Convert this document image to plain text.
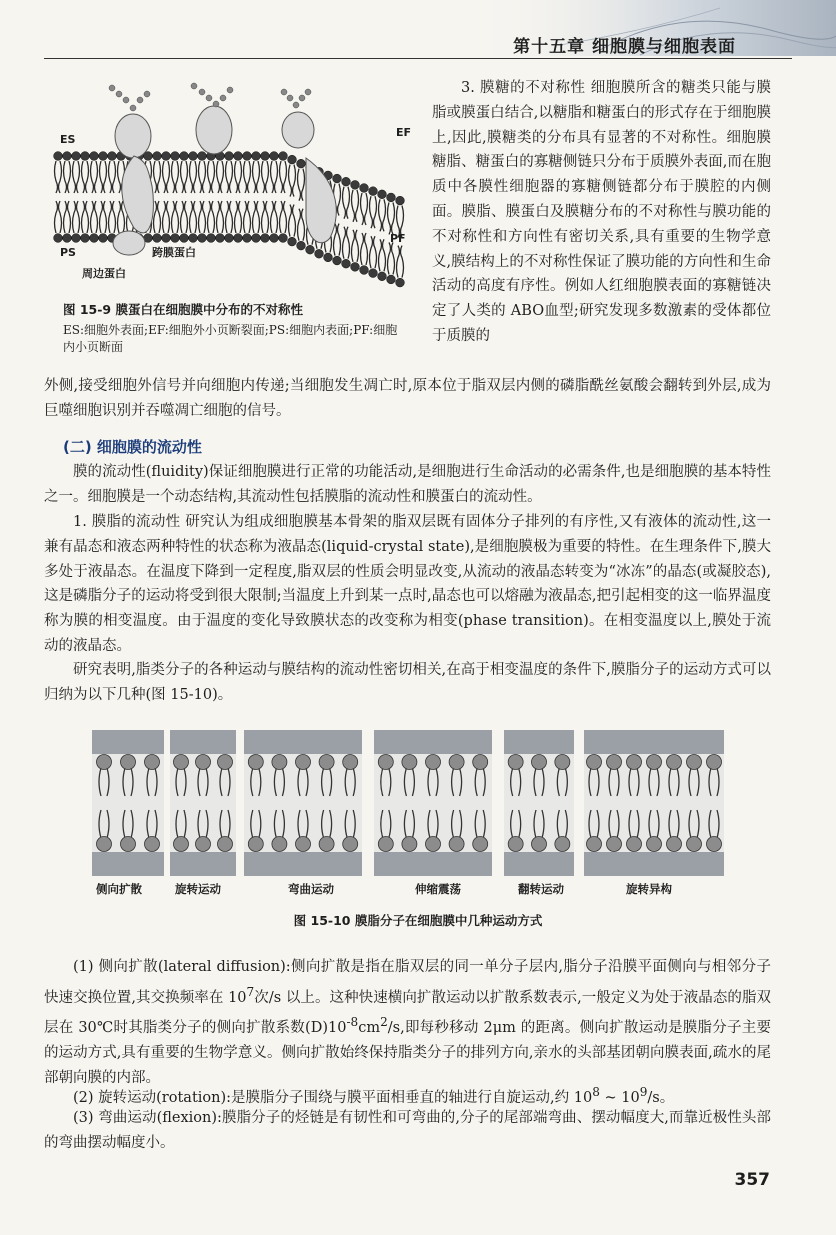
第十五章 细胞膜与细胞表面
ES
EF
PS
PF
跨膜蛋白
周边蛋白
图 15-9 膜蛋白在细胞膜中分布的不对称性
ES:细胞外表面;EF:细胞外小页断裂面;PS:细胞内表面;PF:细胞内小页断面

3. 膜糖的不对称性 细胞膜所含的糖类只能与膜脂或膜蛋白结合,以糖脂和糖蛋白的形式存在于细胞膜上,因此,膜糖类的分布具有显著的不对称性。细胞膜糖脂、糖蛋白的寡糖侧链只分布于质膜外表面,而在胞质中各膜性细胞器的寡糖侧链都分布于膜腔的内侧面。膜脂、膜蛋白及膜糖分布的不对称性与膜功能的不对称性和方向性有密切关系,具有重要的生物学意义,膜结构上的不对称性保证了膜功能的方向性和生命活动的高度有序性。例如人红细胞膜表面的寡糖链决定了人类的 ABO血型;研究发现多数激素的受体都位于质膜的

外侧,接受细胞外信号并向细胞内传递;当细胞发生凋亡时,原本位于脂双层内侧的磷脂酰丝氨酸会翻转到外层,成为巨噬细胞识别并吞噬凋亡细胞的信号。

(二) 细胞膜的流动性

膜的流动性(fluidity)保证细胞膜进行正常的功能活动,是细胞进行生命活动的必需条件,也是细胞膜的基本特性之一。细胞膜是一个动态结构,其流动性包括膜脂的流动性和膜蛋白的流动性。

1. 膜脂的流动性 研究认为组成细胞膜基本骨架的脂双层既有固体分子排列的有序性,又有液体的流动性,这一兼有晶态和液态两种特性的状态称为液晶态(liquid-crystal state),是细胞膜极为重要的特性。在生理条件下,膜大多处于液晶态。在温度下降到一定程度,脂双层的性质会明显改变,从流动的液晶态转变为“冰冻”的晶态(或凝胶态),这是磷脂分子的运动将受到很大限制;当温度上升到某一点时,晶态也可以熔融为液晶态,把引起相变的这一临界温度称为膜的相变温度。由于温度的变化导致膜状态的改变称为相变(phase transition)。在相变温度以上,膜处于流动的液晶态。

研究表明,脂类分子的各种运动与膜结构的流动性密切相关,在高于相变温度的条件下,膜脂分子的运动方式可以归纳为以下几种(图 15-10)。

侧向扩散	旋转运动	弯曲运动	伸缩震荡	翻转运动	旋转异构
图 15-10 膜脂分子在细胞膜中几种运动方式

(1) 侧向扩散(lateral diffusion):侧向扩散是指在脂双层的同一单分子层内,脂分子沿膜平面侧向与相邻分子快速交换位置,其交换频率在 $10^7$次/s 以上。这种快速横向扩散运动以扩散系数表示,一般定义为处于液晶态的脂双层在 30℃时其脂类分子的侧向扩散系数$(D)10^{-8}cm^2/s$,即每秒移动 2μm 的距离。侧向扩散运动是膜脂分子主要的运动方式,具有重要的生物学意义。侧向扩散始终保持脂类分子的排列方向,亲水的头部基团朝向膜表面,疏水的尾部朝向膜的内部。

(2) 旋转运动(rotation):是膜脂分子围绕与膜平面相垂直的轴进行自旋运动,约 $10^8$ ~ $10^9/s$。

(3) 弯曲运动(flexion):膜脂分子的烃链是有韧性和可弯曲的,分子的尾部端弯曲、摆动幅度大,而靠近极性头部的弯曲摆动幅度小。

357
